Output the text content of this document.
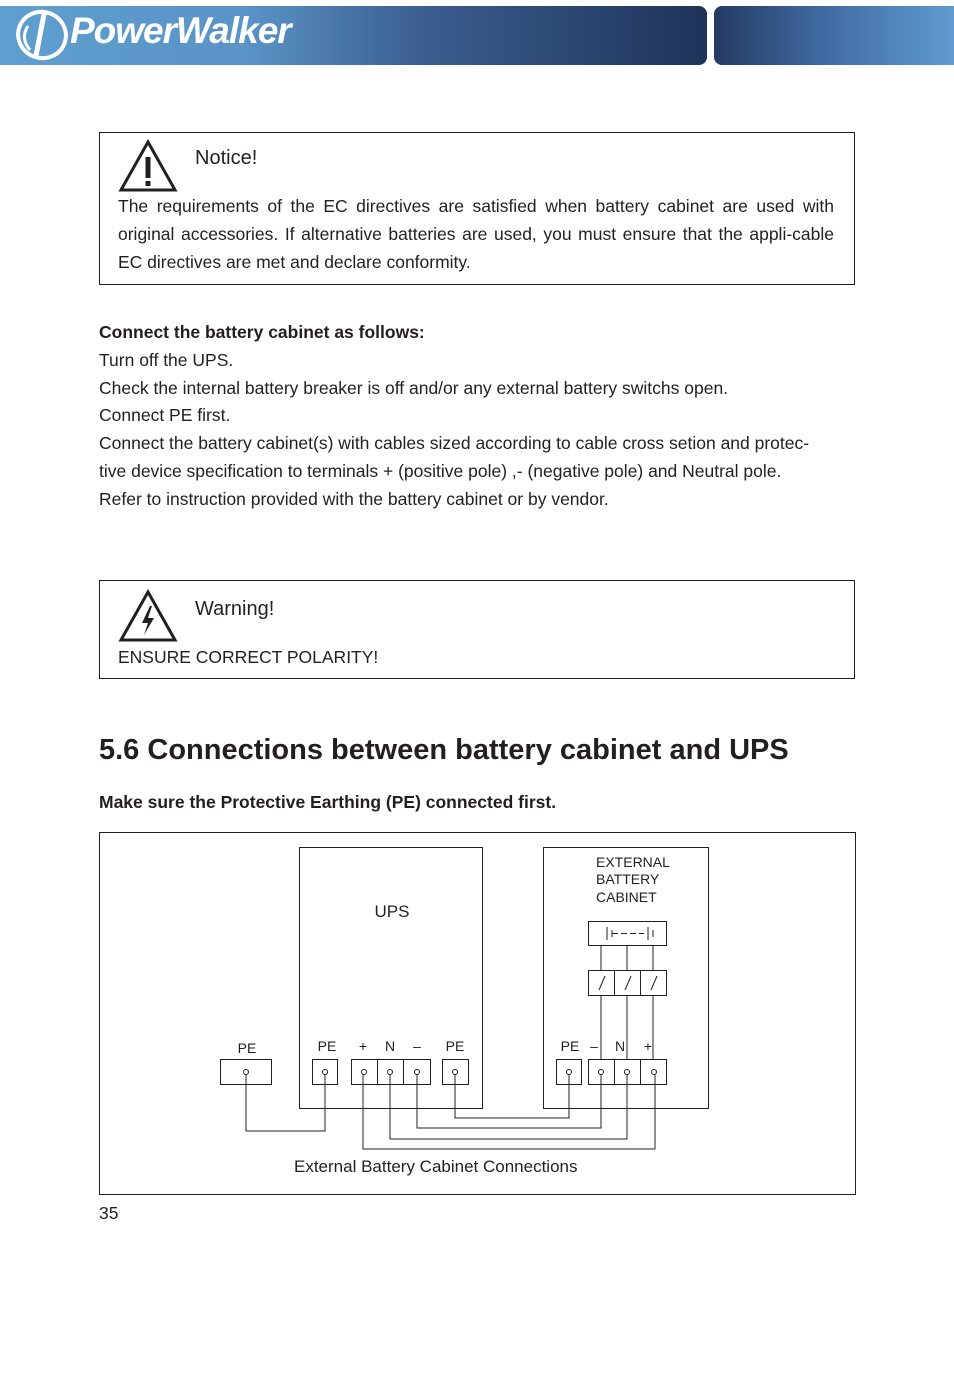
PowerWalker
Notice!
The requirements of the EC directives are satisfied when battery cabinet are used with original accessories. If alternative batteries are used, you must ensure that the appli-cable EC directives are met and declare conformity.
Connect the battery cabinet as follows:
Turn off the UPS.
Check the internal battery breaker is off and/or any external battery switchs open.
Connect PE first.
Connect the battery cabinet(s) with cables sized according to cable cross setion and protec-
tive device specification to terminals + (positive pole) ,- (negative pole) and Neutral pole.
Refer to instruction provided with the battery cabinet or by vendor.
Warning!
ENSURE CORRECT POLARITY!
5.6 Connections between battery cabinet and UPS
Make sure the Protective Earthing (PE) connected first.
UPS
EXTERNAL
BATTERY
CABINET
PE	PE + N – PE	PE – N +
External Battery Cabinet Connections
35
